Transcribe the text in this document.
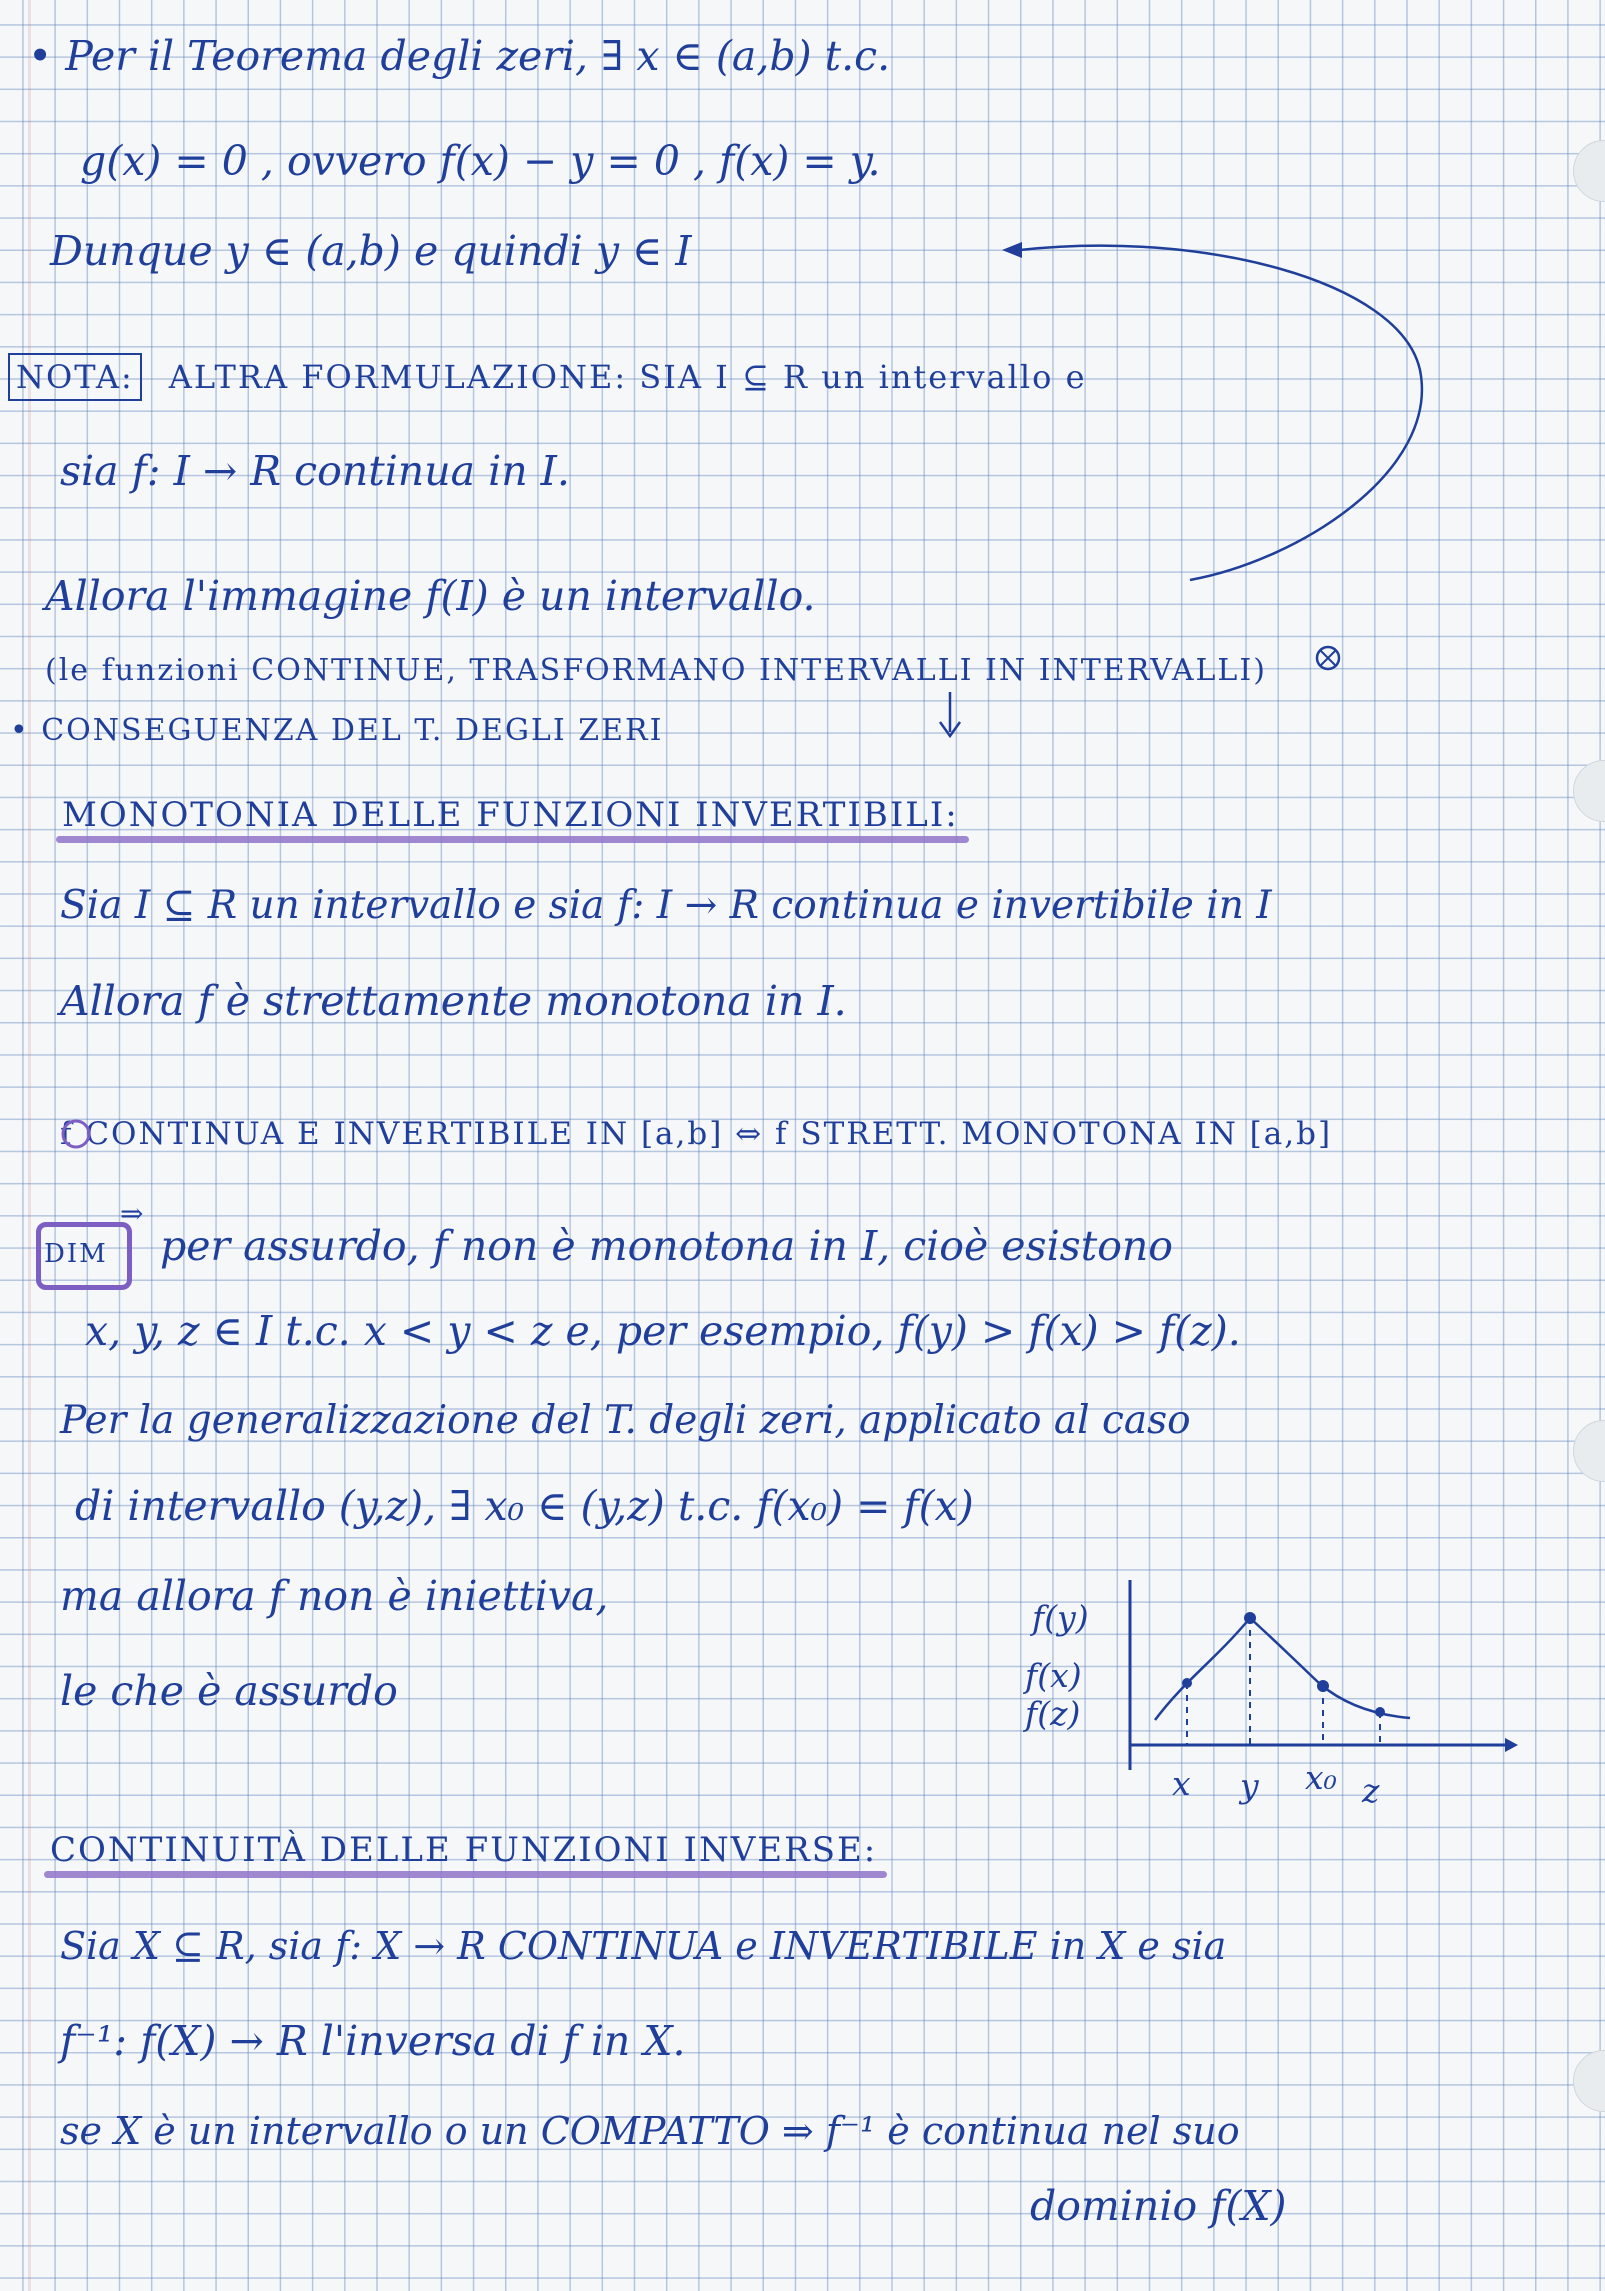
• Per il Teorema degli zeri, ∃ x ∈ (a,b) t.c.
g(x) = 0 , ovvero f(x) − y = 0 , f(x) = y.
Dunque y ∈ (a,b) e quindi y ∈ I
NOTA: ALTRA FORMULAZIONE: SIA I ⊆ R un intervallo e
sia f: I → R continua in I.
Allora l'immagine f(I) è un intervallo.
(le funzioni CONTINUE, TRASFORMANO INTERVALLI IN INTERVALLI)
• CONSEGUENZA DEL T. DEGLI ZERI
MONOTONIA DELLE FUNZIONI INVERTIBILI:
Sia I ⊆ R un intervallo e sia f: I → R continua e invertibile in I
Allora f è strettamente monotona in I.
f CONTINUA E INVERTIBILE IN [a,b] ⇔ f STRETT. MONOTONA IN [a,b]
DIM
⇒
per assurdo, f non è monotona in I, cioè esistono
x, y, z ∈ I t.c. x < y < z e, per esempio, f(y) > f(x) > f(z).
Per la generalizzazione del T. degli zeri, applicato al caso
di intervallo (y,z), ∃ x₀ ∈ (y,z) t.c. f(x₀) = f(x)
ma allora f non è iniettiva,
le che è assurdo
f(y)
f(x)
f(z)
x y x₀ z
CONTINUITÀ DELLE FUNZIONI INVERSE:
Sia X ⊆ R, sia f: X → R CONTINUA e INVERTIBILE in X e sia
f⁻¹: f(X) → R l'inversa di f in X.
se X è un intervallo o un COMPATTO ⇒ f⁻¹ è continua nel suo
dominio f(X)
